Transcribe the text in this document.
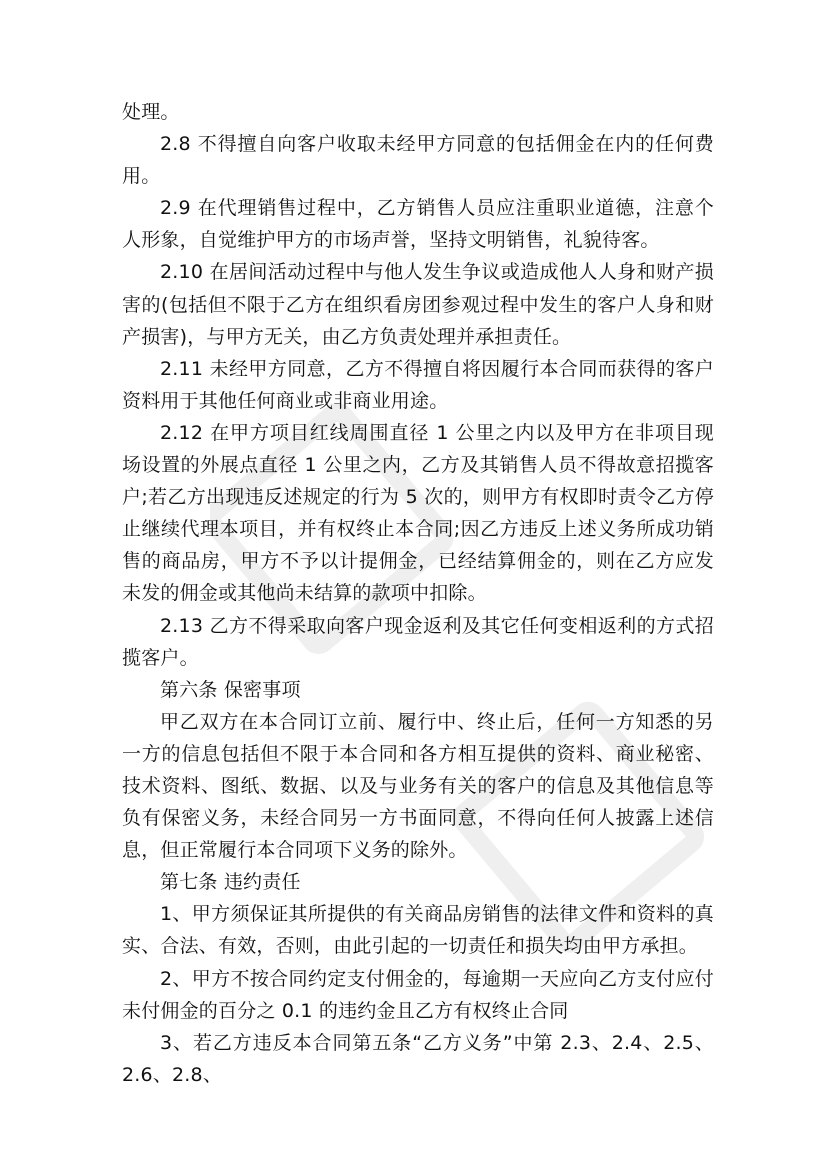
处理。

2.8 不得擅自向客户收取未经甲方同意的包括佣金在内的任何费用。

2.9 在代理销售过程中，乙方销售人员应注重职业道德，注意个人形象，自觉维护甲方的市场声誉，坚持文明销售，礼貌待客。

2.10 在居间活动过程中与他人发生争议或造成他人人身和财产损害的(包括但不限于乙方在组织看房团参观过程中发生的客户人身和财产损害)，与甲方无关，由乙方负责处理并承担责任。

2.11 未经甲方同意，乙方不得擅自将因履行本合同而获得的客户资料用于其他任何商业或非商业用途。

2.12 在甲方项目红线周围直径 1 公里之内以及甲方在非项目现场设置的外展点直径 1 公里之内，乙方及其销售人员不得故意招揽客户;若乙方出现违反述规定的行为 5 次的，则甲方有权即时责令乙方停止继续代理本项目，并有权终止本合同;因乙方违反上述义务所成功销售的商品房，甲方不予以计提佣金，已经结算佣金的，则在乙方应发未发的佣金或其他尚未结算的款项中扣除。

2.13 乙方不得采取向客户现金返利及其它任何变相返利的方式招揽客户。

第六条 保密事项

甲乙双方在本合同订立前、履行中、终止后，任何一方知悉的另一方的信息包括但不限于本合同和各方相互提供的资料、商业秘密、技术资料、图纸、数据、以及与业务有关的客户的信息及其他信息等负有保密义务，未经合同另一方书面同意，不得向任何人披露上述信息，但正常履行本合同项下义务的除外。

第七条 违约责任

1、甲方须保证其所提供的有关商品房销售的法律文件和资料的真实、合法、有效，否则，由此引起的一切责任和损失均由甲方承担。

2、甲方不按合同约定支付佣金的，每逾期一天应向乙方支付应付未付佣金的百分之 0.1 的违约金且乙方有权终止合同

3、若乙方违反本合同第五条“乙方义务”中第 2.3、2.4、2.5、2.6、2.8、
